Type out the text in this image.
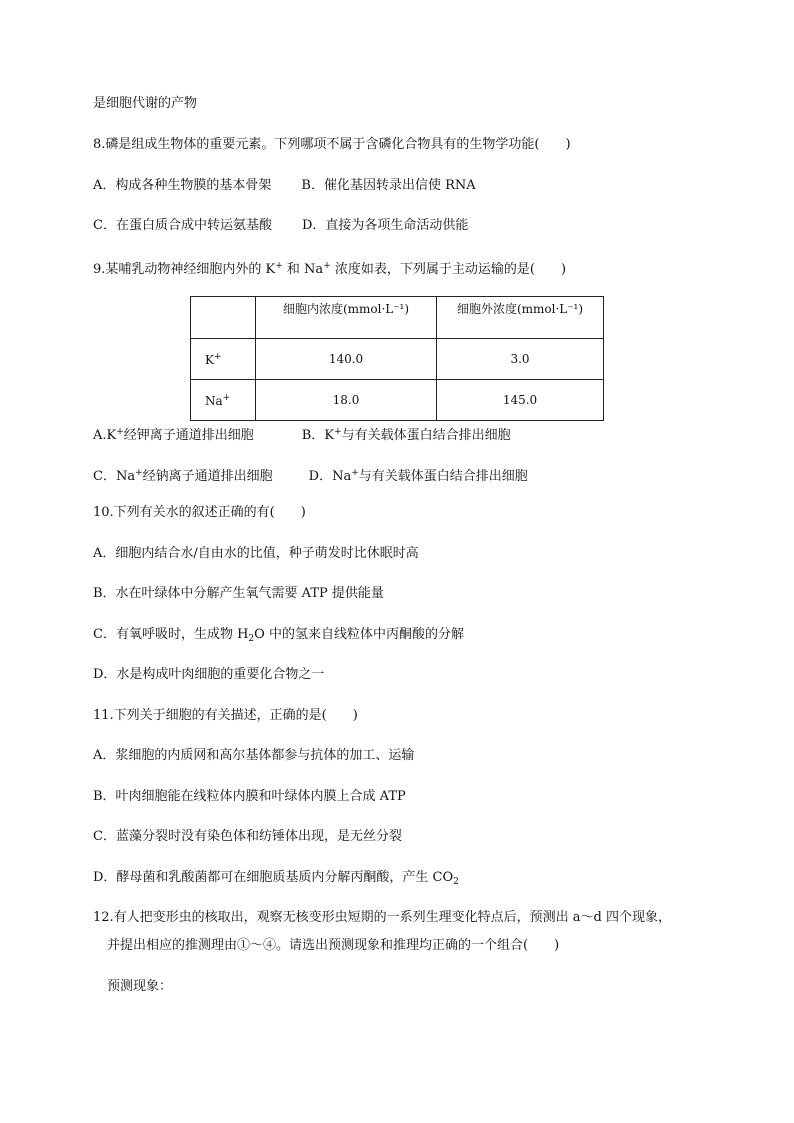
是细胞代谢的产物
8.磷是组成生物体的重要元素。下列哪项不属于含磷化合物具有的生物学功能(　　)
A．构成各种生物膜的基本骨架 B．催化基因转录出信使 RNA
C．在蛋白质合成中转运氨基酸 D．直接为各项生命活动供能
9.某哺乳动物神经细胞内外的 K+ 和 Na+ 浓度如表，下列属于主动运输的是(　　)
	细胞内浓度(mmol·L⁻¹)	细胞外浓度(mmol·L⁻¹)
K+	140.0	3.0
Na+	18.0	145.0
A.K+经钾离子通道排出细胞	B．K+与有关载体蛋白结合排出细胞
C．Na+经钠离子通道排出细胞	D．Na+与有关载体蛋白结合排出细胞
10.下列有关水的叙述正确的有(　　)
A．细胞内结合水/自由水的比值，种子萌发时比休眠时高
B．水在叶绿体中分解产生氧气需要 ATP 提供能量
C．有氧呼吸时，生成物 $H_2O$ 中的氢来自线粒体中丙酮酸的分解
D．水是构成叶肉细胞的重要化合物之一
11.下列关于细胞的有关描述，正确的是(　　)
A．浆细胞的内质网和高尔基体都参与抗体的加工、运输
B．叶肉细胞能在线粒体内膜和叶绿体内膜上合成 ATP
C．蓝藻分裂时没有染色体和纺锤体出现，是无丝分裂
D．酵母菌和乳酸菌都可在细胞质基质内分解丙酮酸，产生 $CO_2$
12.有人把变形虫的核取出，观察无核变形虫短期的一系列生理变化特点后，预测出 a～d 四个现象，
并提出相应的推测理由①～④。请选出预测现象和推理均正确的一个组合(　　)
预测现象：
